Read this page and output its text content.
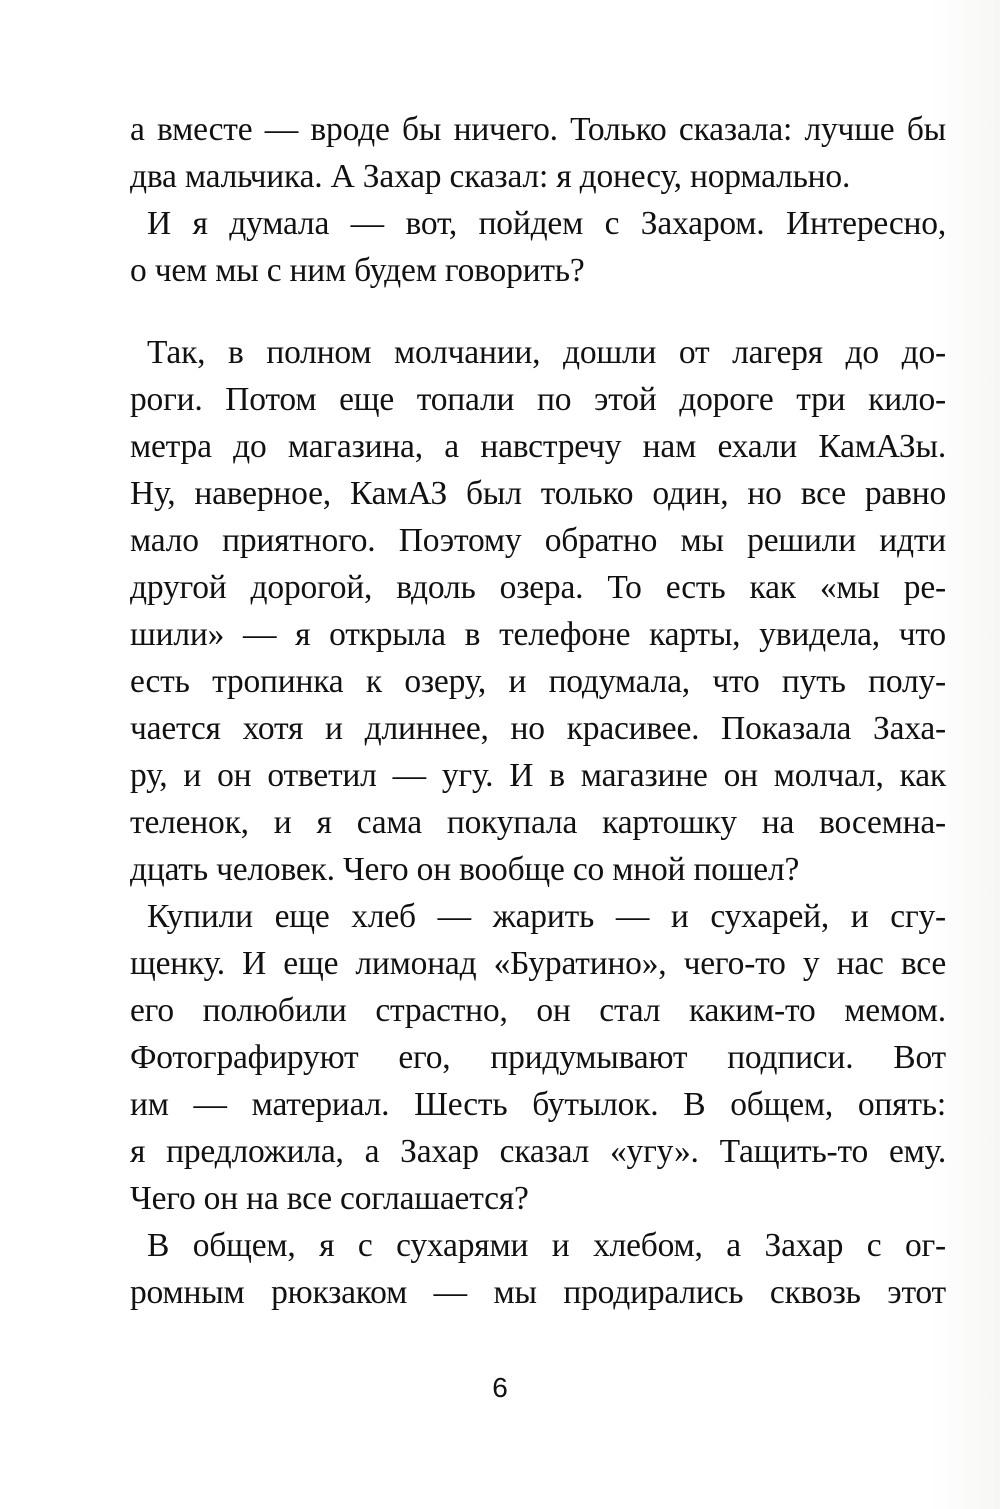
а вместе — вроде бы ничего. Только сказала: лучше бы
два мальчика. А Захар сказал: я донесу, нормально.
И я думала — вот, пойдем с Захаром. Интересно,
о чем мы с ним будем говорить?
Так, в полном молчании, дошли от лагеря до до-
роги. Потом еще топали по этой дороге три кило-
метра до магазина, а навстречу нам ехали КамАЗы.
Ну, наверное, КамАЗ был только один, но все равно
мало приятного. Поэтому обратно мы решили идти
другой дорогой, вдоль озера. То есть как «мы ре-
шили» — я открыла в телефоне карты, увидела, что
есть тропинка к озеру, и подумала, что путь полу-
чается хотя и длиннее, но красивее. Показала Заха-
ру, и он ответил — угу. И в магазине он молчал, как
теленок, и я сама покупала картошку на восемна-
дцать человек. Чего он вообще со мной пошел?
Купили еще хлеб — жарить — и сухарей, и сгу-
щенку. И еще лимонад «Буратино», чего-то у нас все
его полюбили страстно, он стал каким-то мемом.
Фотографируют его, придумывают подписи. Вот
им — материал. Шесть бутылок. В общем, опять:
я предложила, а Захар сказал «угу». Тащить-то ему.
Чего он на все соглашается?
В общем, я с сухарями и хлебом, а Захар с ог-
ромным рюкзаком — мы продирались сквозь этот
6
